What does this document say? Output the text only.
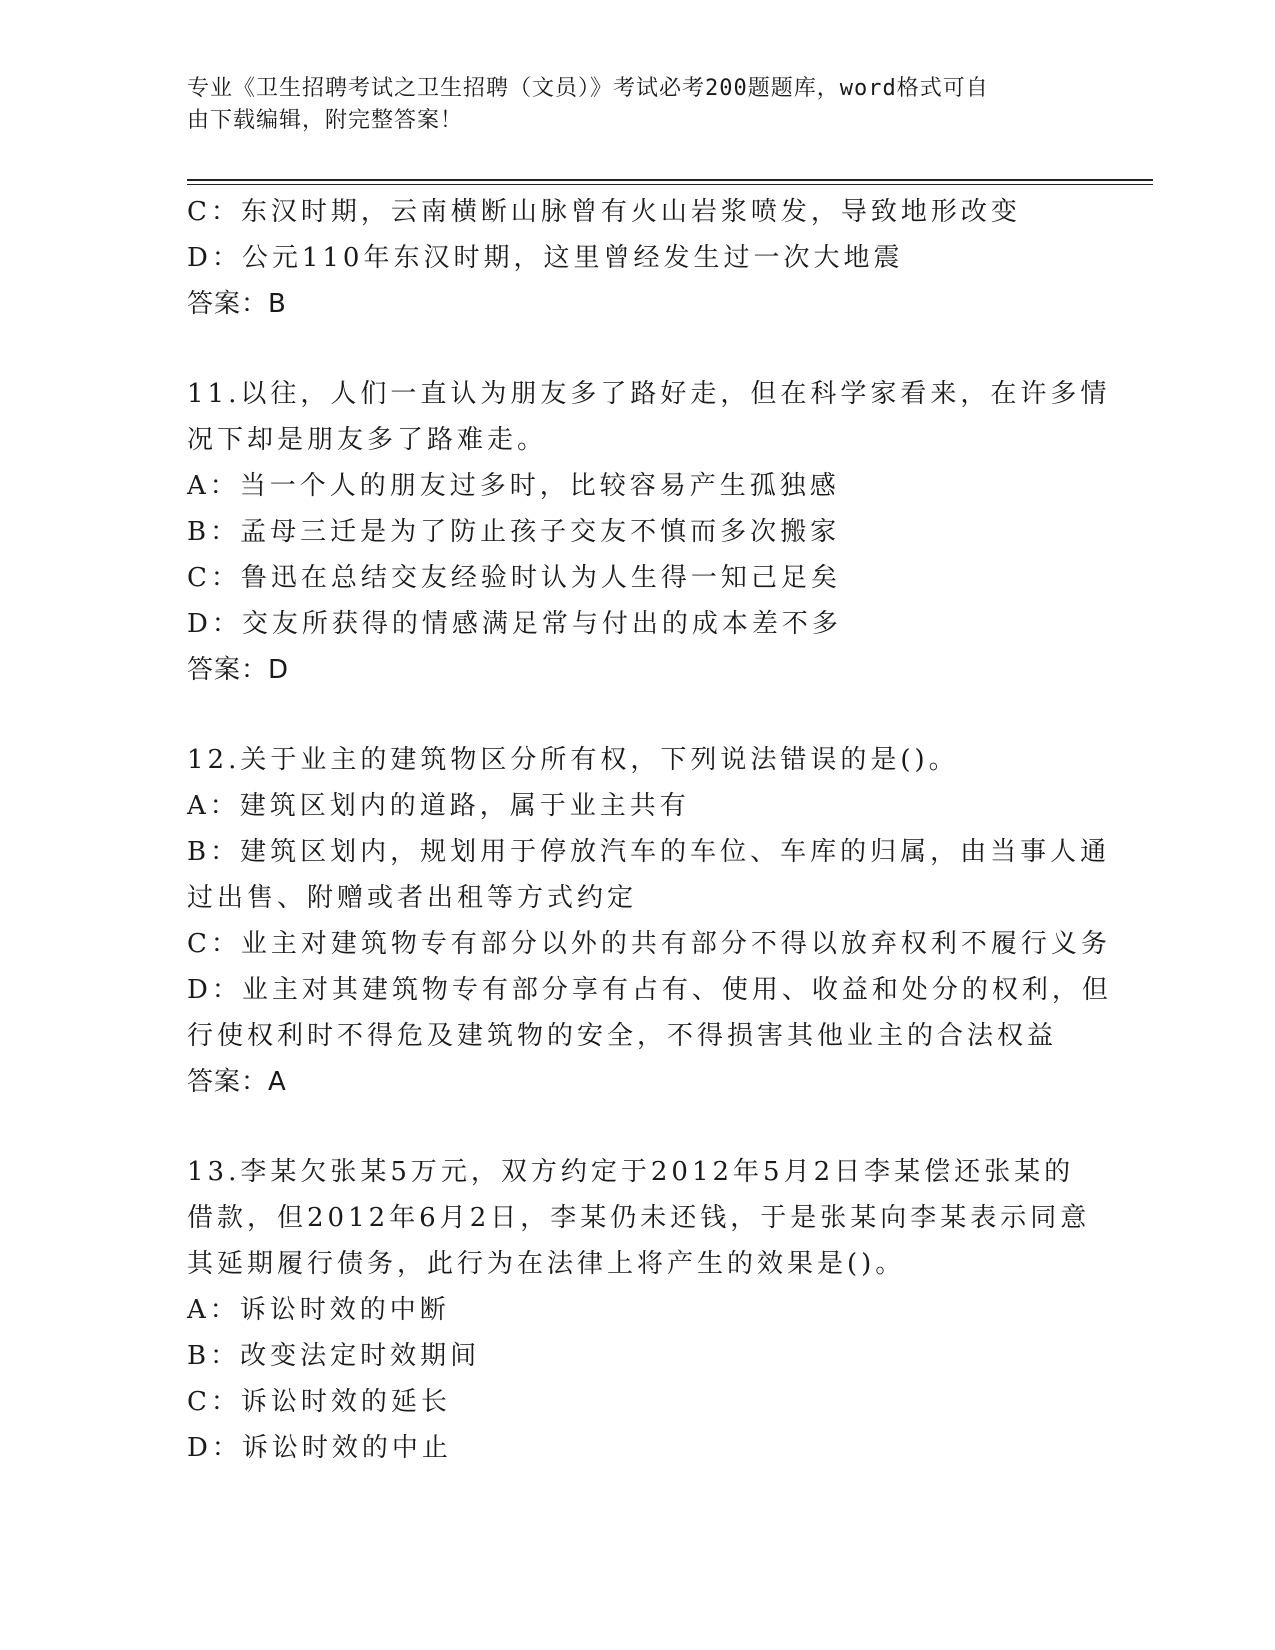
专业《卫生招聘考试之卫生招聘（文员）》考试必考200题题库，word格式可自
由下载编辑，附完整答案！
C：东汉时期，云南横断山脉曾有火山岩浆喷发，导致地形改变
D：公元110年东汉时期，这里曾经发生过一次大地震
答案：B
11.以往，人们一直认为朋友多了路好走，但在科学家看来，在许多情
况下却是朋友多了路难走。
A：当一个人的朋友过多时，比较容易产生孤独感
B：孟母三迁是为了防止孩子交友不慎而多次搬家
C：鲁迅在总结交友经验时认为人生得一知己足矣
D：交友所获得的情感满足常与付出的成本差不多
答案：D
12.关于业主的建筑物区分所有权，下列说法错误的是()。
A：建筑区划内的道路，属于业主共有
B：建筑区划内，规划用于停放汽车的车位、车库的归属，由当事人通
过出售、附赠或者出租等方式约定
C：业主对建筑物专有部分以外的共有部分不得以放弃权利不履行义务
D：业主对其建筑物专有部分享有占有、使用、收益和处分的权利，但
行使权利时不得危及建筑物的安全，不得损害其他业主的合法权益
答案：A
13.李某欠张某5万元，双方约定于2012年5月2日李某偿还张某的
借款，但2012年6月2日，李某仍未还钱，于是张某向李某表示同意
其延期履行债务，此行为在法律上将产生的效果是()。
A：诉讼时效的中断
B：改变法定时效期间
C：诉讼时效的延长
D：诉讼时效的中止
